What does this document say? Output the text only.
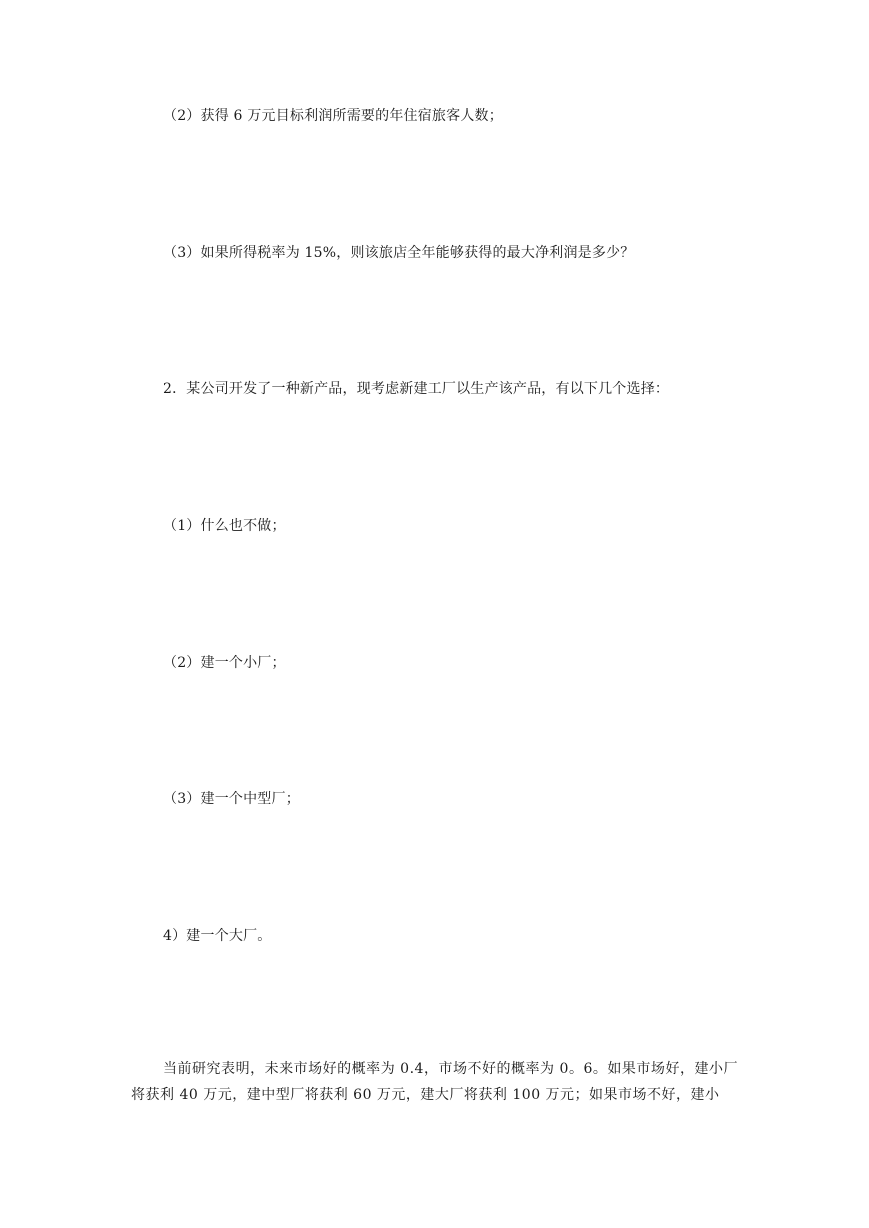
（2）获得 6 万元目标利润所需要的年住宿旅客人数；
（3）如果所得税率为 15%，则该旅店全年能够获得的最大净利润是多少？
2．某公司开发了一种新产品，现考虑新建工厂以生产该产品，有以下几个选择：
（1）什么也不做；
（2）建一个小厂；
（3）建一个中型厂；
4）建一个大厂。
当前研究表明，未来市场好的概率为 0.4，市场不好的概率为 0。6。如果市场好，建小厂将获利 40 万元，建中型厂将获利 60 万元，建大厂将获利 100 万元；如果市场不好，建小
